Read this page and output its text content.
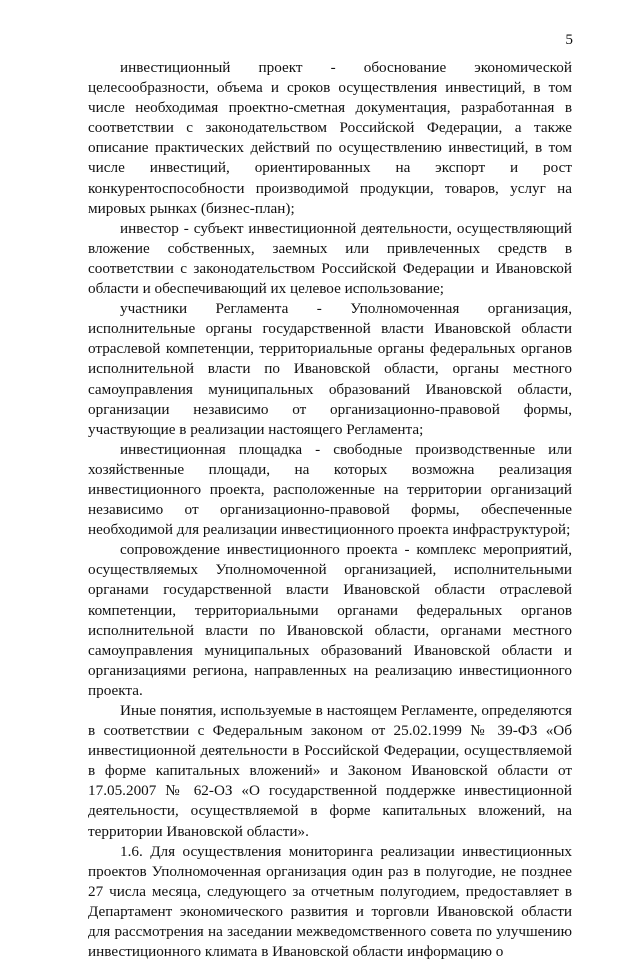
5

инвестиционный проект - обоснование экономической целесообразности, объема и сроков осуществления инвестиций, в том числе необходимая проектно-сметная документация, разработанная в соответствии с законодательством Российской Федерации, а также описание практических действий по осуществлению инвестиций, в том числе инвестиций, ориентированных на экспорт и рост конкурентоспособности производимой продукции, товаров, услуг на мировых рынках (бизнес-план);

инвестор - субъект инвестиционной деятельности, осуществляющий вложение собственных, заемных или привлеченных средств в соответствии с законодательством Российской Федерации и Ивановской области и обеспечивающий их целевое использование;

участники Регламента - Уполномоченная организация, исполнительные органы государственной власти Ивановской области отраслевой компетенции, территориальные органы федеральных органов исполнительной власти по Ивановской области, органы местного самоуправления муниципальных образований Ивановской области, организации независимо от организационно-правовой формы, участвующие в реализации настоящего Регламента;

инвестиционная площадка - свободные производственные или хозяйственные площади, на которых возможна реализация инвестиционного проекта, расположенные на территории организаций независимо от организационно-правовой формы, обеспеченные необходимой для реализации инвестиционного проекта инфраструктурой;

сопровождение инвестиционного проекта - комплекс мероприятий, осуществляемых Уполномоченной организацией, исполнительными органами государственной власти Ивановской области отраслевой компетенции, территориальными органами федеральных органов исполнительной власти по Ивановской области, органами местного самоуправления муниципальных образований Ивановской области и организациями региона, направленных на реализацию инвестиционного проекта.

Иные понятия, используемые в настоящем Регламенте, определяются в соответствии с Федеральным законом от 25.02.1999 № 39-ФЗ «Об инвестиционной деятельности в Российской Федерации, осуществляемой в форме капитальных вложений» и Законом Ивановской области от 17.05.2007 № 62-ОЗ «О государственной поддержке инвестиционной деятельности, осуществляемой в форме капитальных вложений, на территории Ивановской области».

1.6. Для осуществления мониторинга реализации инвестиционных проектов Уполномоченная организация один раз в полугодие, не позднее 27 числа месяца, следующего за отчетным полугодием, предоставляет в Департамент экономического развития и торговли Ивановской области для рассмотрения на заседании межведомственного совета по улучшению инвестиционного климата в Ивановской области информацию о
